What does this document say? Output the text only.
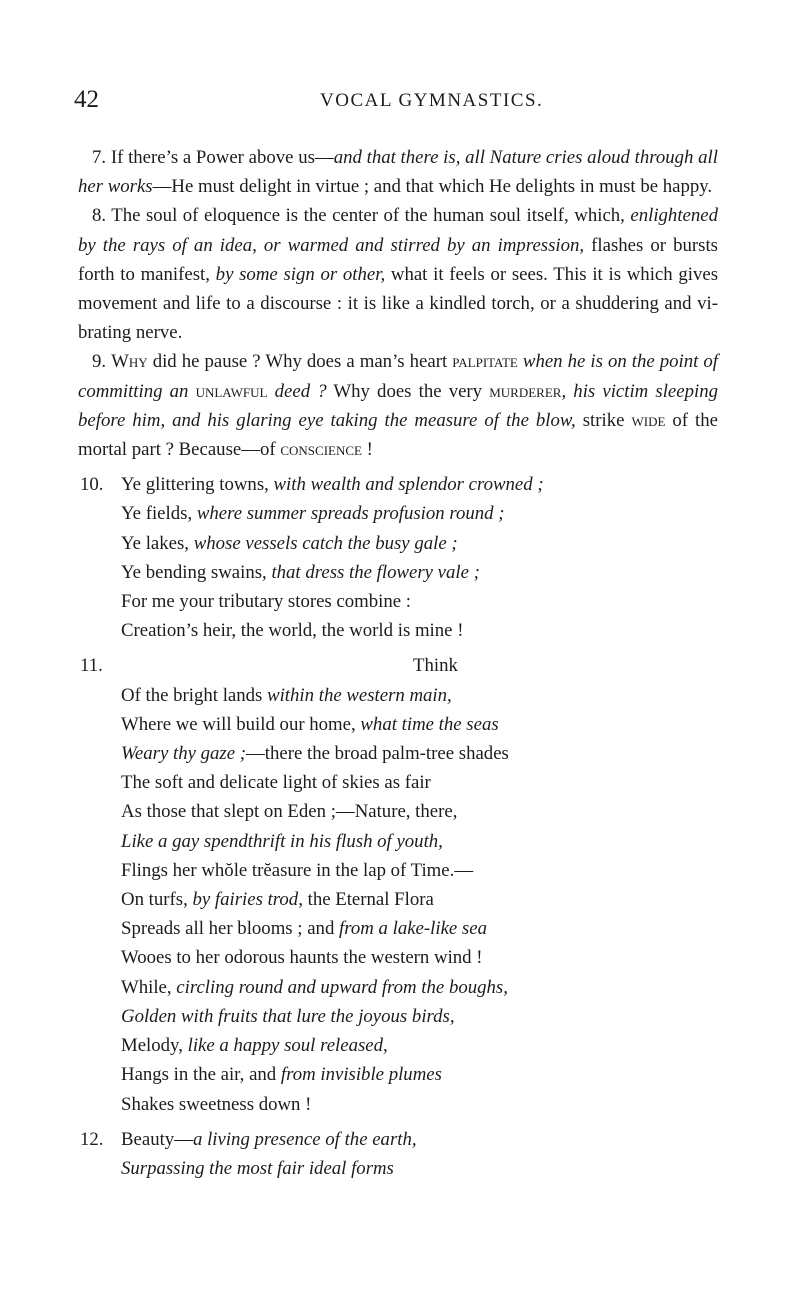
42	VOCAL GYMNASTICS.

7. If there’s a Power above us—and that there is, all Nature cries aloud through all her works—He must delight in virtue ; and that which He delights in must be happy.

8. The soul of eloquence is the center of the human soul itself, which, enlightened by the rays of an idea, or warmed and stirred by an impression, flashes or bursts forth to manifest, by some sign or other, what it feels or sees. This it is which gives movement and life to a discourse : it is like a kindled torch, or a shuddering and vi-brating nerve.

9. Why did he pause ? Why does a man’s heart palpitate when he is on the point of committing an unlawful deed ? Why does the very murderer, his victim sleeping before him, and his glaring eye taking the measure of the blow, strike wide of the mortal part ? Because—of conscience !

10. Ye glittering towns, with wealth and splendor crowned ;
Ye fields, where summer spreads profusion round ;
Ye lakes, whose vessels catch the busy gale ;
Ye bending swains, that dress the flowery vale ;
For me your tributary stores combine :
Creation’s heir, the world, the world is mine !
11.	Think
Of the bright lands within the western main,
Where we will build our home, what time the seas
Weary thy gaze ;—there the broad palm-tree shades
The soft and delicate light of skies as fair
As those that slept on Eden ;—Nature, there,
Like a gay spendthrift in his flush of youth,
Flings her whŏle trĕasure in the lap of Time.—
On turfs, by fairies trod, the Eternal Flora
Spreads all her blooms ; and from a lake-like sea
Wooes to her odorous haunts the western wind !
While, circling round and upward from the boughs,
Golden with fruits that lure the joyous birds,
Melody, like a happy soul released,
Hangs in the air, and from invisible plumes
Shakes sweetness down !
12. Beauty—a living presence of the earth,
Surpassing the most fair ideal forms
